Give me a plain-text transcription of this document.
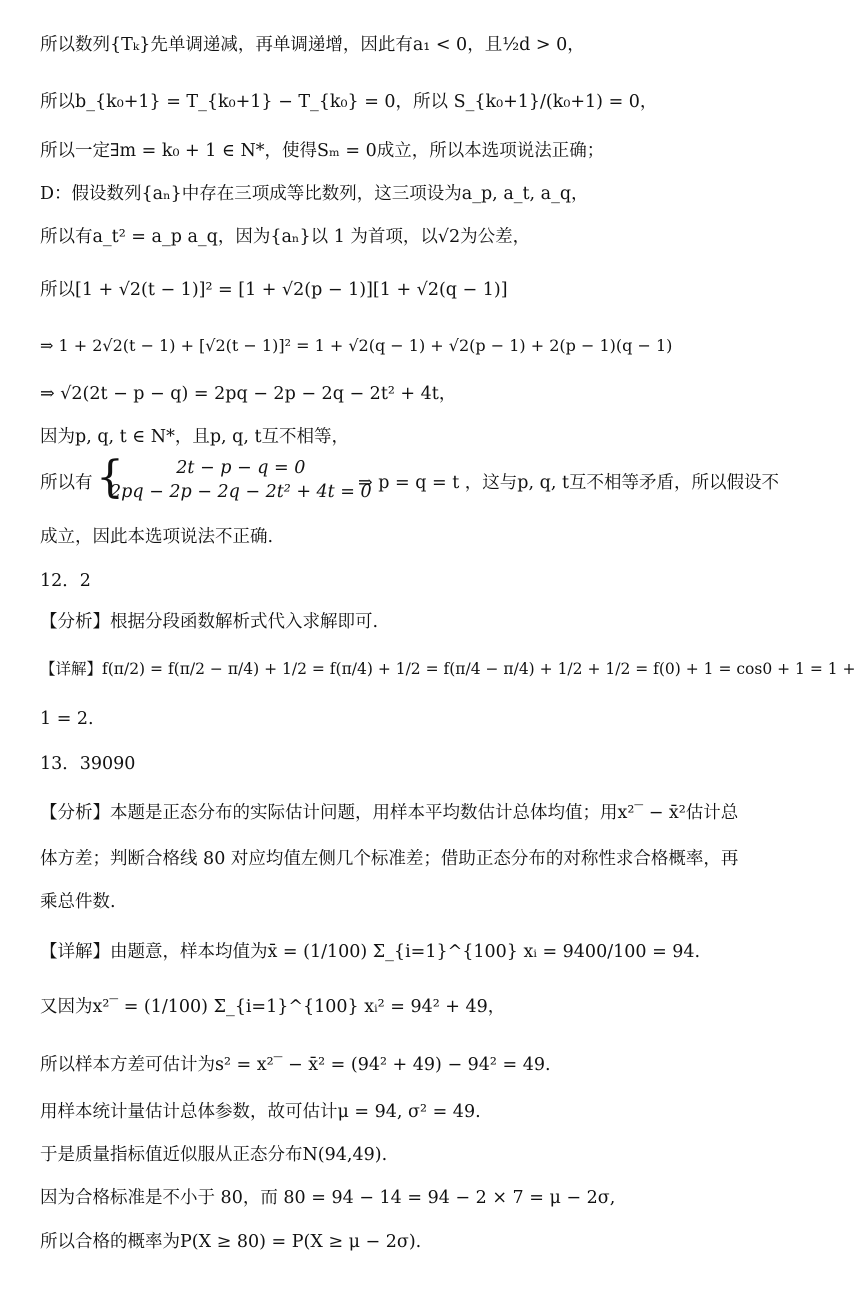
所以数列{Tₖ}先单调递减，再单调递增，因此有a₁ < 0，且½d > 0，
所以b_{k₀+1} = T_{k₀+1} − T_{k₀} = 0，所以 S_{k₀+1}/(k₀+1) = 0，
所以一定∃m = k₀ + 1 ∈ N*，使得Sₘ = 0成立，所以本选项说法正确；
D：假设数列{aₙ}中存在三项成等比数列，这三项设为a_p, a_t, a_q，
所以有a_t² = a_p a_q，因为{aₙ}以 1 为首项，以√2为公差，
所以[1 + √2(t − 1)]² = [1 + √2(p − 1)][1 + √2(q − 1)]
⇒ 1 + 2√2(t − 1) + [√2(t − 1)]² = 1 + √2(q − 1) + √2(p − 1) + 2(p − 1)(q − 1)
⇒ √2(2t − p − q) = 2pq − 2p − 2q − 2t² + 4t，
因为p, q, t ∈ N*，且p, q, t互不相等，
所以有
{ 2t − p − q = 0
2pq − 2p − 2q − 2t² + 4t = 0
⇒ p = q = t ，这与p, q, t互不相等矛盾，所以假设不
成立，因此本选项说法不正确.
12．2
【分析】根据分段函数解析式代入求解即可.
【详解】f(π/2) = f(π/2 − π/4) + 1/2 = f(π/4) + 1/2 = f(π/4 − π/4) + 1/2 + 1/2 = f(0) + 1 = cos0 + 1 = 1 +
1 = 2.
13．39090
【分析】本题是正态分布的实际估计问题，用样本平均数估计总体均值；用x²‾ − x̄²估计总
体方差；判断合格线 80 对应均值左侧几个标准差；借助正态分布的对称性求合格概率，再
乘总件数.
【详解】由题意，样本均值为x̄ = (1/100) Σ_{i=1}^{100} xᵢ = 9400/100 = 94.
又因为x²‾ = (1/100) Σ_{i=1}^{100} xᵢ² = 94² + 49，
所以样本方差可估计为s² = x²‾ − x̄² = (94² + 49) − 94² = 49.
用样本统计量估计总体参数，故可估计μ = 94, σ² = 49.
于是质量指标值近似服从正态分布N(94,49).
因为合格标准是不小于 80，而 80 = 94 − 14 = 94 − 2 × 7 = μ − 2σ,
所以合格的概率为P(X ≥ 80) = P(X ≥ μ − 2σ).
